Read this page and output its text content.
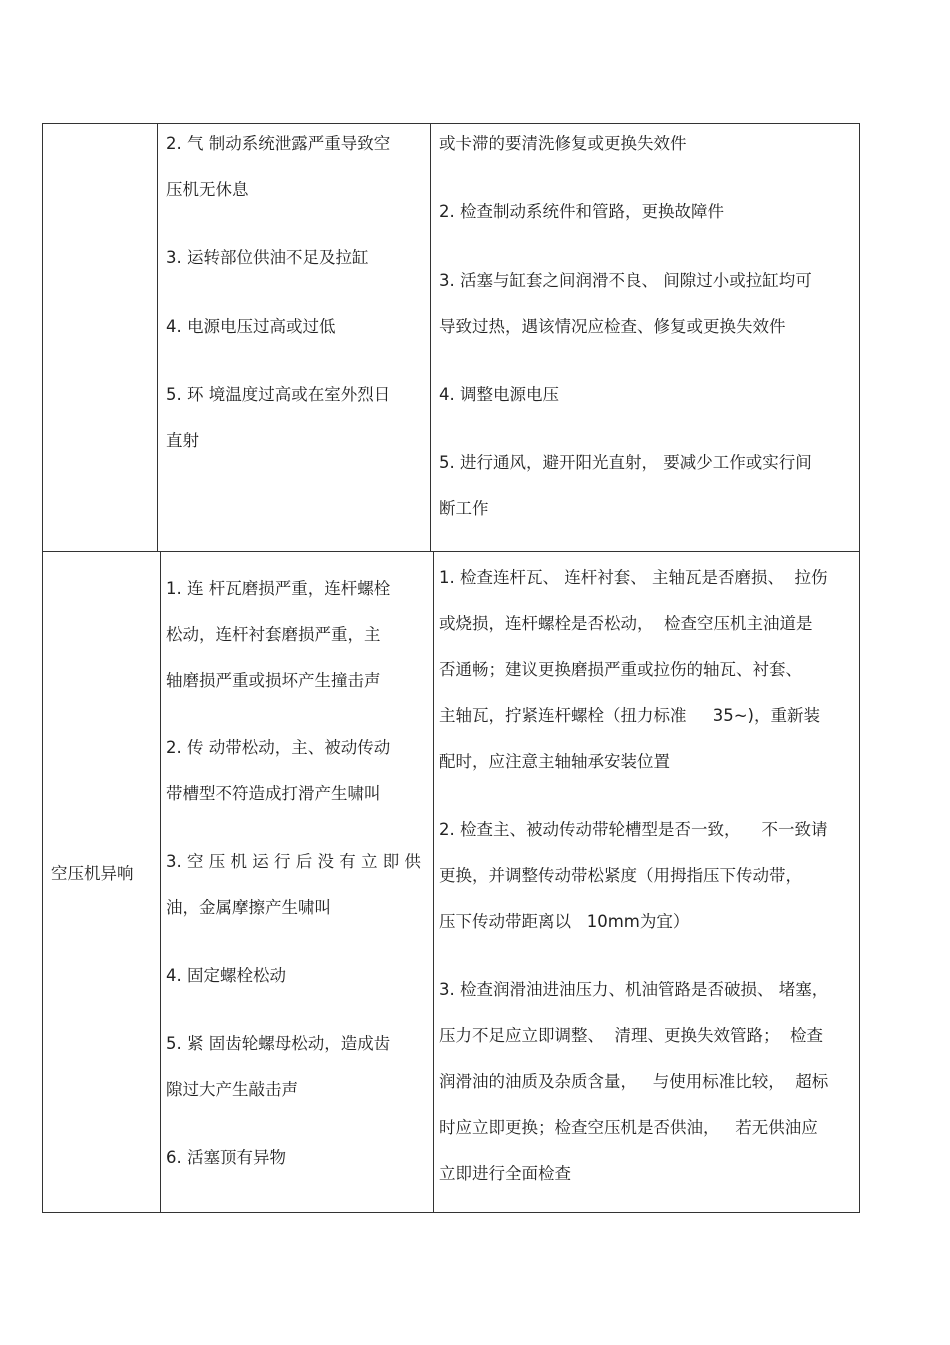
2. 气 制动系统泄露严重导致空
压机无休息
3. 运转部位供油不足及拉缸
4. 电源电压过高或过低
5. 环 境温度过高或在室外烈日
直射
或卡滞的要清洗修复或更换失效件
2. 检查制动系统件和管路，更换故障件
3. 活塞与缸套之间润滑不良、 间隙过小或拉缸均可
导致过热，遇该情况应检查、修复或更换失效件
4. 调整电源电压
5. 进行通风，避开阳光直射， 要减少工作或实行间
断工作
空压机异响
1. 连 杆瓦磨损严重，连杆螺栓
松动，连杆衬套磨损严重，主
轴磨损严重或损坏产生撞击声
2. 传 动带松动，主、被动传动
带槽型不符造成打滑产生啸叫
3. 空 压 机 运 行 后 没 有 立 即 供
油，金属摩擦产生啸叫
4. 固定螺栓松动
5. 紧 固齿轮螺母松动，造成齿
隙过大产生敲击声
6. 活塞顶有异物
1. 检查连杆瓦、 连杆衬套、 主轴瓦是否磨损、  拉伤
或烧损，连杆螺栓是否松动，  检查空压机主油道是
否通畅；建议更换磨损严重或拉伤的轴瓦、衬套、
主轴瓦，拧紧连杆螺栓（扭力标准     35~)，重新装
配时，应注意主轴轴承安装位置
2. 检查主、被动传动带轮槽型是否一致，    不一致请
更换，并调整传动带松紧度（用拇指压下传动带，
压下传动带距离以   10mm为宜）
3. 检查润滑油进油压力、机油管路是否破损、 堵塞，
压力不足应立即调整、  清理、更换失效管路；  检查
润滑油的油质及杂质含量，   与使用标准比较，  超标
时应立即更换；检查空压机是否供油，   若无供油应
立即进行全面检查
